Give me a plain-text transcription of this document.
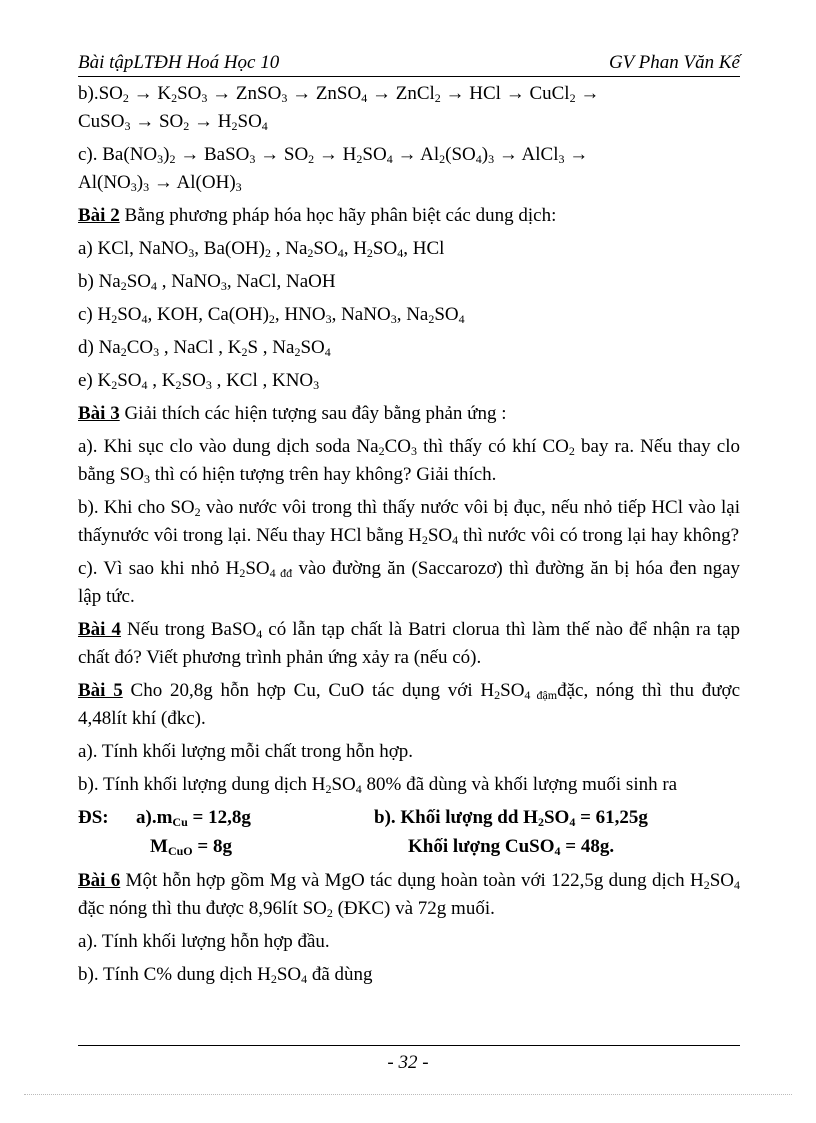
Bài tậpLTĐH Hoá Học 10	GV Phan Văn Kế

$b).SO_2 \to K_2SO_3$ → ZnSO$_3$ → ZnSO$_4$ → ZnCl$_2$ → HCl → CuCl$_2$ →

CuSO$_3$ → $SO_2 \to H_2SO_4$

c). $Ba(NO_3)_2$ → BaSO$_3$ → $SO_2 \to H_2SO_4 \to Al_2(SO_4)_3$ → AlCl$_3$ →

$Al(NO_3)_3 \to Al(OH)_3$

Bài 2 Bằng phương pháp hóa học hãy phân biệt các dung dịch:

a) KCl, NaNO$_3$, $Ba(OH)_2$ , $Na_2SO_4$, $H_2SO_4$, HCl

b) $Na_2SO_4$ , NaNO$_3$, NaCl, NaOH

c) $H_2SO_4$, KOH, $Ca(OH)_2$, $HNO_3$, NaNO$_3$, $Na_2SO_4$

d) $Na_2CO_3$ , NaCl , $K_2S$ , $Na_2SO_4$

e) $K_2SO_4$ , $K_2SO_3$ , KCl , $KNO_3$

Bài 3 Giải thích các hiện tượng sau đây bằng phản ứng :

a). Khi sục clo vào dung dịch soda $Na_2CO_3$ thì thấy có khí $CO_2$ bay ra. Nếu thay clo bằng $SO_3$ thì có hiện tượng trên hay không? Giải thích.

b). Khi cho $SO_2$ vào nước vôi trong thì thấy nước vôi bị đục, nếu nhỏ tiếp HCl vào lại thấynước vôi trong lại. Nếu thay HCl bằng $H_2SO_4$ thì nước vôi có trong lại hay không?

c). Vì sao khi nhỏ $H_2SO_{4 đđ}$ vào đường ăn (Saccarozơ) thì đường ăn bị hóa đen ngay lập tức.

Bài 4 Nếu trong BaSO$_4$ có lẫn tạp chất là Batri clorua thì làm thế nào để nhận ra tạp chất đó? Viết phương trình phản ứng xảy ra (nếu có).

Bài 5 Cho 20,8g hỗn hợp Cu, CuO tác dụng với $H_2SO_{4 đậm}đặc$, nóng thì thu được 4,48lít khí (đkc).

a). Tính khối lượng mỗi chất trong hỗn hợp.

b). Tính khối lượng dung dịch $H_2SO_4$ 80% đã dùng và khối lượng muối sinh ra

ĐS: $a).m_{Cu} = 12,8g$	b). Khối lượng dd $H_2SO_4 = 61,25g$
$M_{CuO} = 8g$	Khối lượng CuSO$_4$ = 48g.

Bài 6 Một hỗn hợp gồm Mg và MgO tác dụng hoàn toàn với 122,5g dung dịch $H_2SO_4$ đặc nóng thì thu được 8,96lít $SO_2$ (ĐKC) và 72g muối.

a). Tính khối lượng hỗn hợp đầu.

b). Tính C% dung dịch $H_2SO_4$ đã dùng

- 32 -
